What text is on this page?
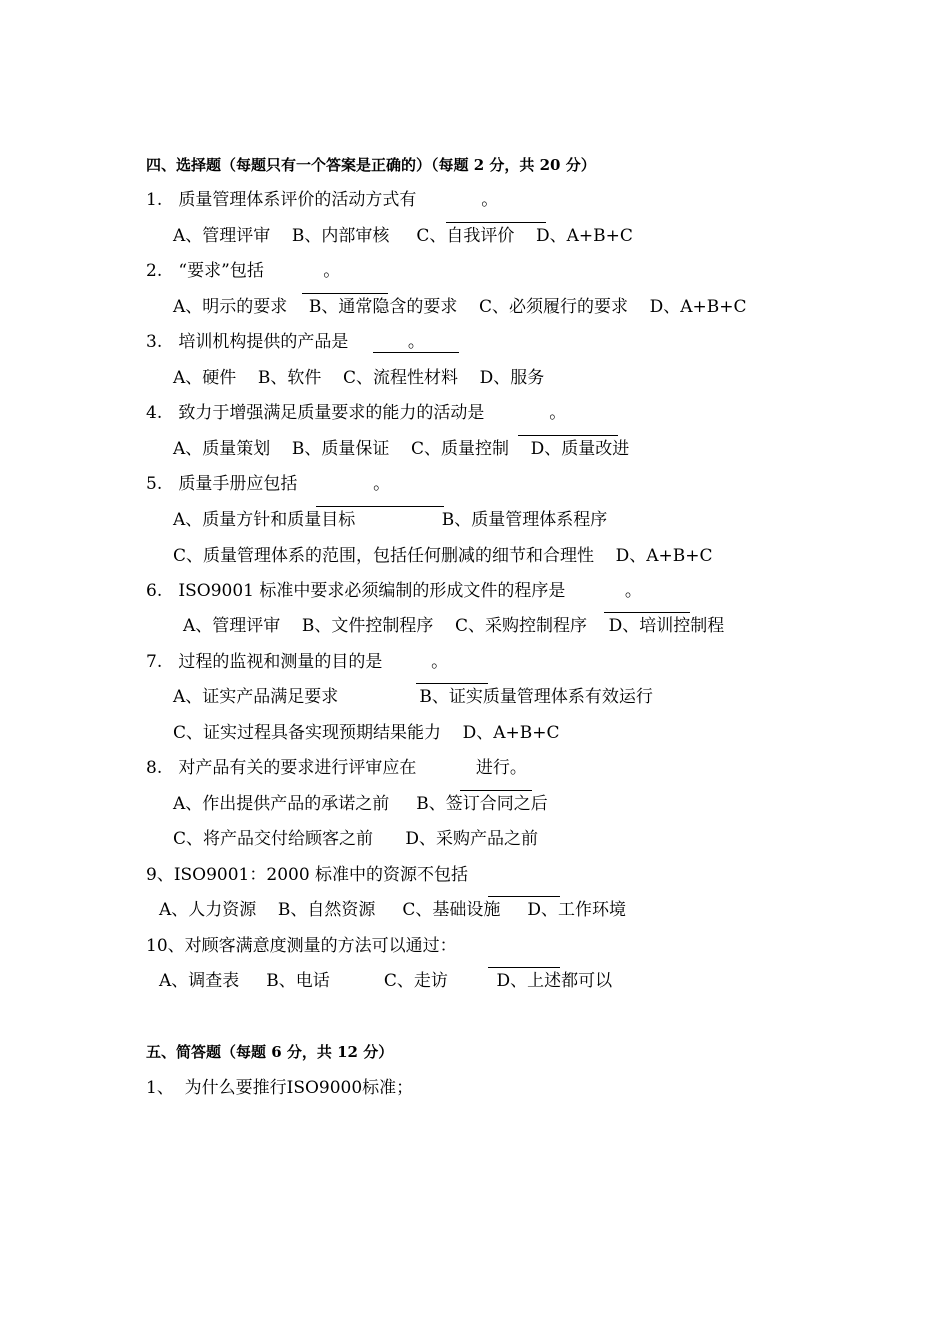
四、选择题（每题只有一个答案是正确的）（每题 2 分，共 20 分）
1.   质量管理体系评价的活动方式有            。
A、管理评审    B、内部审核     C、自我评价    D、A+B+C
2.   “要求”包括           。
A、明示的要求    B、通常隐含的要求    C、必须履行的要求    D、A+B+C
3.   培训机构提供的产品是           。
A、硬件    B、软件    C、流程性材料    D、服务
4.   致力于增强满足质量要求的能力的活动是            。
A、质量策划    B、质量保证    C、质量控制    D、质量改进
5.   质量手册应包括              。
A、质量方针和质量目标                B、质量管理体系程序
C、质量管理体系的范围，包括任何删减的细节和合理性    D、A+B+C
6.   ISO9001 标准中要求必须编制的形成文件的程序是           。
A、管理评审    B、文件控制程序    C、采购控制程序    D、培训控制程
7.   过程的监视和测量的目的是         。
A、证实产品满足要求               B、证实质量管理体系有效运行
C、证实过程具备实现预期结果能力    D、A+B+C
8.   对产品有关的要求进行评审应在           进行。
A、作出提供产品的承诺之前     B、签订合同之后
C、将产品交付给顾客之前      D、采购产品之前
9、ISO9001：2000 标准中的资源不包括
A、人力资源    B、自然资源     C、基础设施     D、工作环境
10、对顾客满意度测量的方法可以通过：
A、调查表     B、电话          C、走访         D、上述都可以
五、简答题（每题 6 分，共 12 分）
1、  为什么要推行ISO9000标准；
